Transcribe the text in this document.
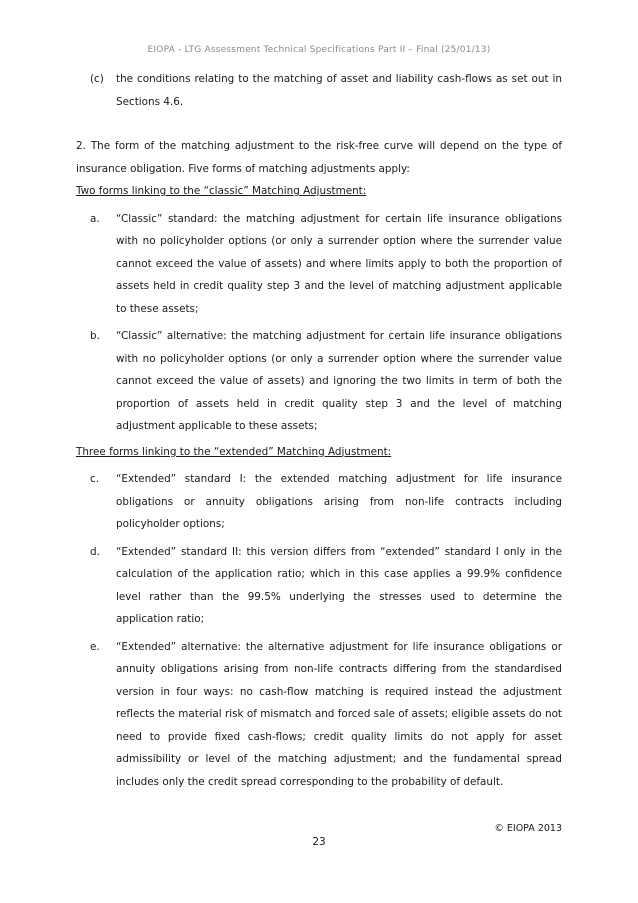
EIOPA - LTG Assessment Technical Specifications Part II – Final (25/01/13)
(c)	the conditions relating to the matching of asset and liability cash-flows as set out in Sections 4.6.

2. The form of the matching adjustment to the risk-free curve will depend on the type of insurance obligation. Five forms of matching adjustments apply:

Two forms linking to the “classic” Matching Adjustment:

a.	“Classic” standard: the matching adjustment for certain life insurance obligations with no policyholder options (or only a surrender option where the surrender value cannot exceed the value of assets) and where limits apply to both the proportion of assets held in credit quality step 3 and the level of matching adjustment applicable to these assets;
b.	“Classic” alternative: the matching adjustment for certain life insurance obligations with no policyholder options (or only a surrender option where the surrender value cannot exceed the value of assets) and ignoring the two limits in term of both the proportion of assets held in credit quality step 3 and the level of matching adjustment applicable to these assets;

Three forms linking to the “extended” Matching Adjustment:

c.	“Extended” standard I: the extended matching adjustment for life insurance obligations or annuity obligations arising from non-life contracts including policyholder options;
d.	“Extended” standard II: this version differs from “extended” standard I only in the calculation of the application ratio; which in this case applies a 99.9% confidence level rather than the 99.5% underlying the stresses used to determine the application ratio;
e.	“Extended” alternative: the alternative adjustment for life insurance obligations or annuity obligations arising from non-life contracts differing from the standardised version in four ways: no cash-flow matching is required instead the adjustment reflects the material risk of mismatch and forced sale of assets; eligible assets do not need to provide fixed cash-flows; credit quality limits do not apply for asset admissibility or level of the matching adjustment; and the fundamental spread includes only the credit spread corresponding to the probability of default.
© EIOPA 2013
23
